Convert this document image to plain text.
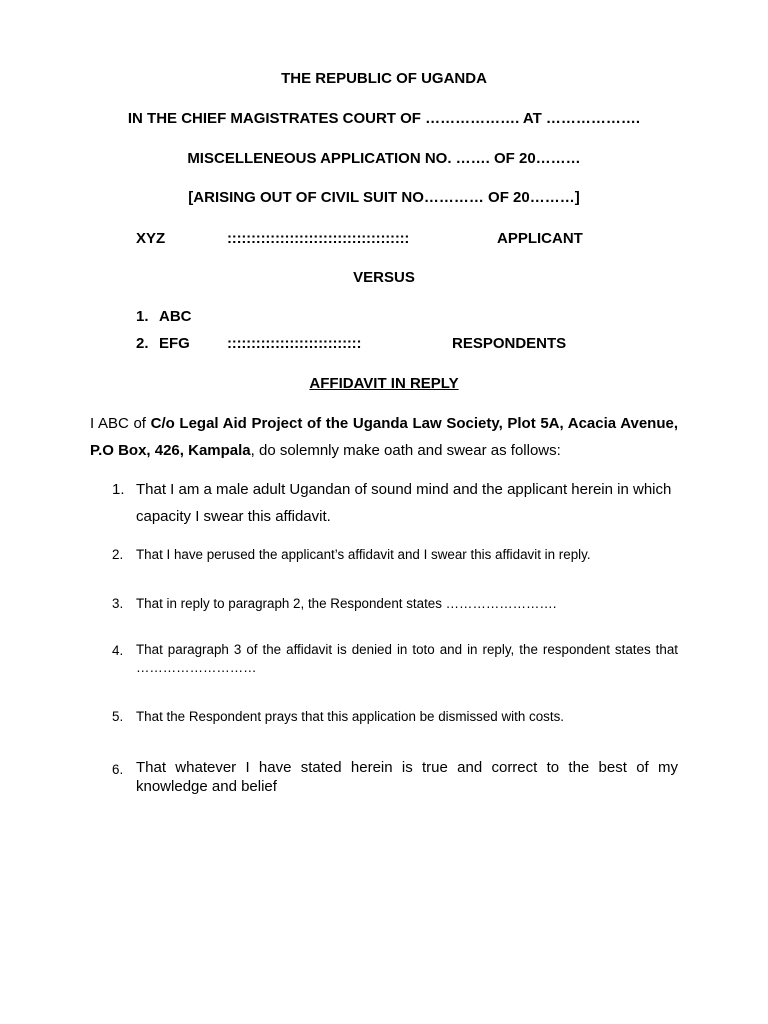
THE REPUBLIC OF UGANDA
IN THE CHIEF MAGISTRATES COURT OF ………………. AT ……………….
MISCELLENEOUS APPLICATION NO. ……. OF 20………
[ARISING OUT OF CIVIL SUIT NO………… OF 20………]
XYZ	::::::::::::::::::::::::::::::::::::::	APPLICANT
VERSUS
1. ABC
2. EFG ::::::::::::::::::::::::::::	RESPONDENTS
AFFIDAVIT IN REPLY
I ABC of C/o Legal Aid Project of the Uganda Law Society, Plot 5A, Acacia Avenue, P.O Box, 426, Kampala, do solemnly make oath and swear as follows:
1. That I am a male adult Ugandan of sound mind and the applicant herein in which capacity I swear this affidavit.
2. That I have perused the applicant’s affidavit and I swear this affidavit in reply.
3. That in reply to paragraph 2, the Respondent states …………………….
4. That paragraph 3 of the affidavit is denied in toto and in reply, the respondent states that ………………………
5. That the Respondent prays that this application be dismissed with costs.
6. That whatever I have stated herein is true and correct to the best of my knowledge and belief
